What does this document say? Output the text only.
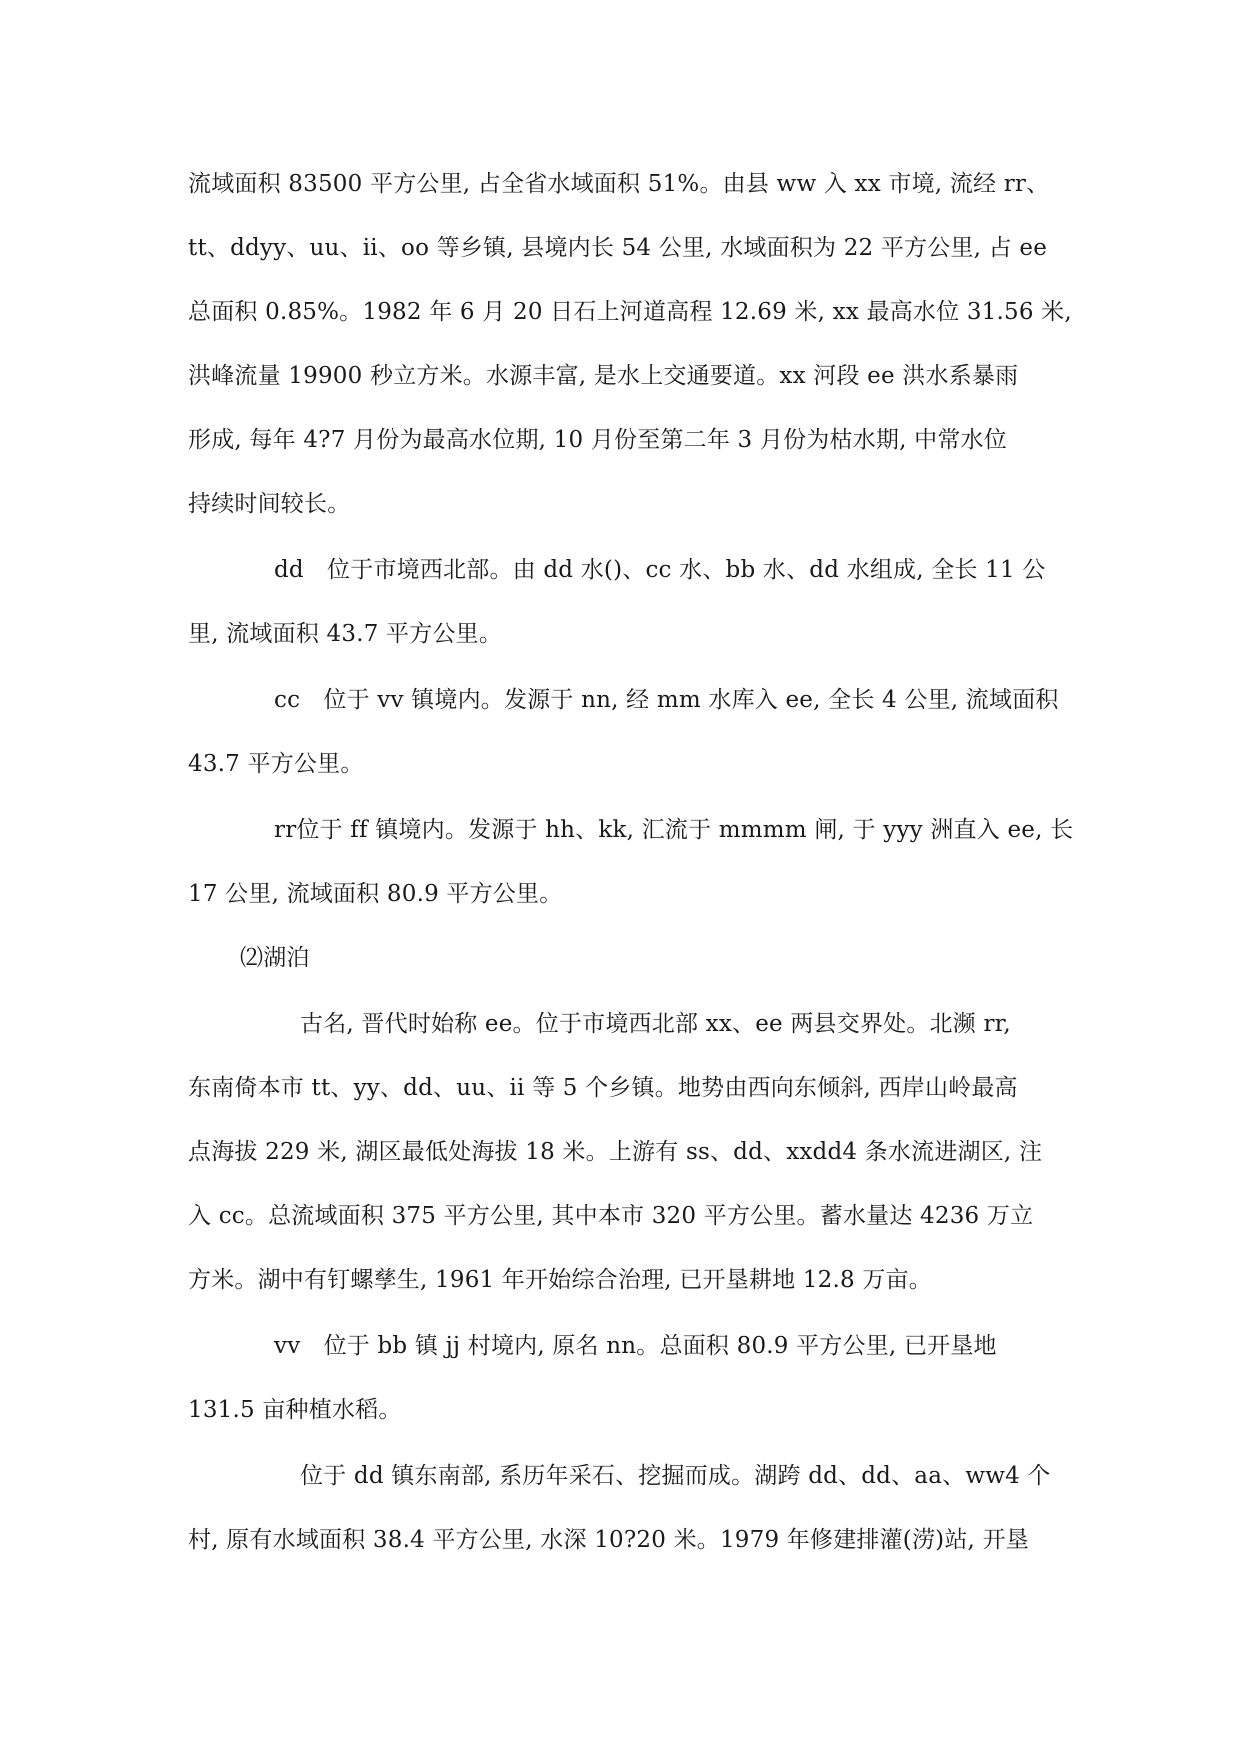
流域面积 83500 平方公里, 占全省水域面积 51%。由县 ww 入 xx 市境, 流经 rr、
tt、ddyy、uu、ii、oo 等乡镇, 县境内长 54 公里, 水域面积为 22 平方公里, 占 ee
总面积 0.85%。1982 年 6 月 20 日石上河道高程 12.69 米, xx 最高水位 31.56 米,
洪峰流量 19900 秒立方米。水源丰富, 是水上交通要道。xx 河段 ee 洪水系暴雨
形成, 每年 4?7 月份为最高水位期, 10 月份至第二年 3 月份为枯水期, 中常水位
持续时间较长。
dd　位于市境西北部。由 dd 水()、cc 水、bb 水、dd 水组成, 全长 11 公
里, 流域面积 43.7 平方公里。
cc　位于 vv 镇境内。发源于 nn, 经 mm 水库入 ee, 全长 4 公里, 流域面积
43.7 平方公里。
rr位于 ff 镇境内。发源于 hh、kk, 汇流于 mmmm 闸, 于 yyy 洲直入 ee, 长
17 公里, 流域面积 80.9 平方公里。
⑵湖泊
古名, 晋代时始称 ee。位于市境西北部 xx、ee 两县交界处。北濒 rr,
东南倚本市 tt、yy、dd、uu、ii 等 5 个乡镇。地势由西向东倾斜, 西岸山岭最高
点海拔 229 米, 湖区最低处海拔 18 米。上游有 ss、dd、xxdd4 条水流进湖区, 注
入 cc。总流域面积 375 平方公里, 其中本市 320 平方公里。蓄水量达 4236 万立
方米。湖中有钉螺孳生, 1961 年开始综合治理, 已开垦耕地 12.8 万亩。
vv　位于 bb 镇 jj 村境内, 原名 nn。总面积 80.9 平方公里, 已开垦地
131.5 亩种植水稻。
位于 dd 镇东南部, 系历年采石、挖掘而成。湖跨 dd、dd、aa、ww4 个
村, 原有水域面积 38.4 平方公里, 水深 10?20 米。1979 年修建排灌(涝)站, 开垦
